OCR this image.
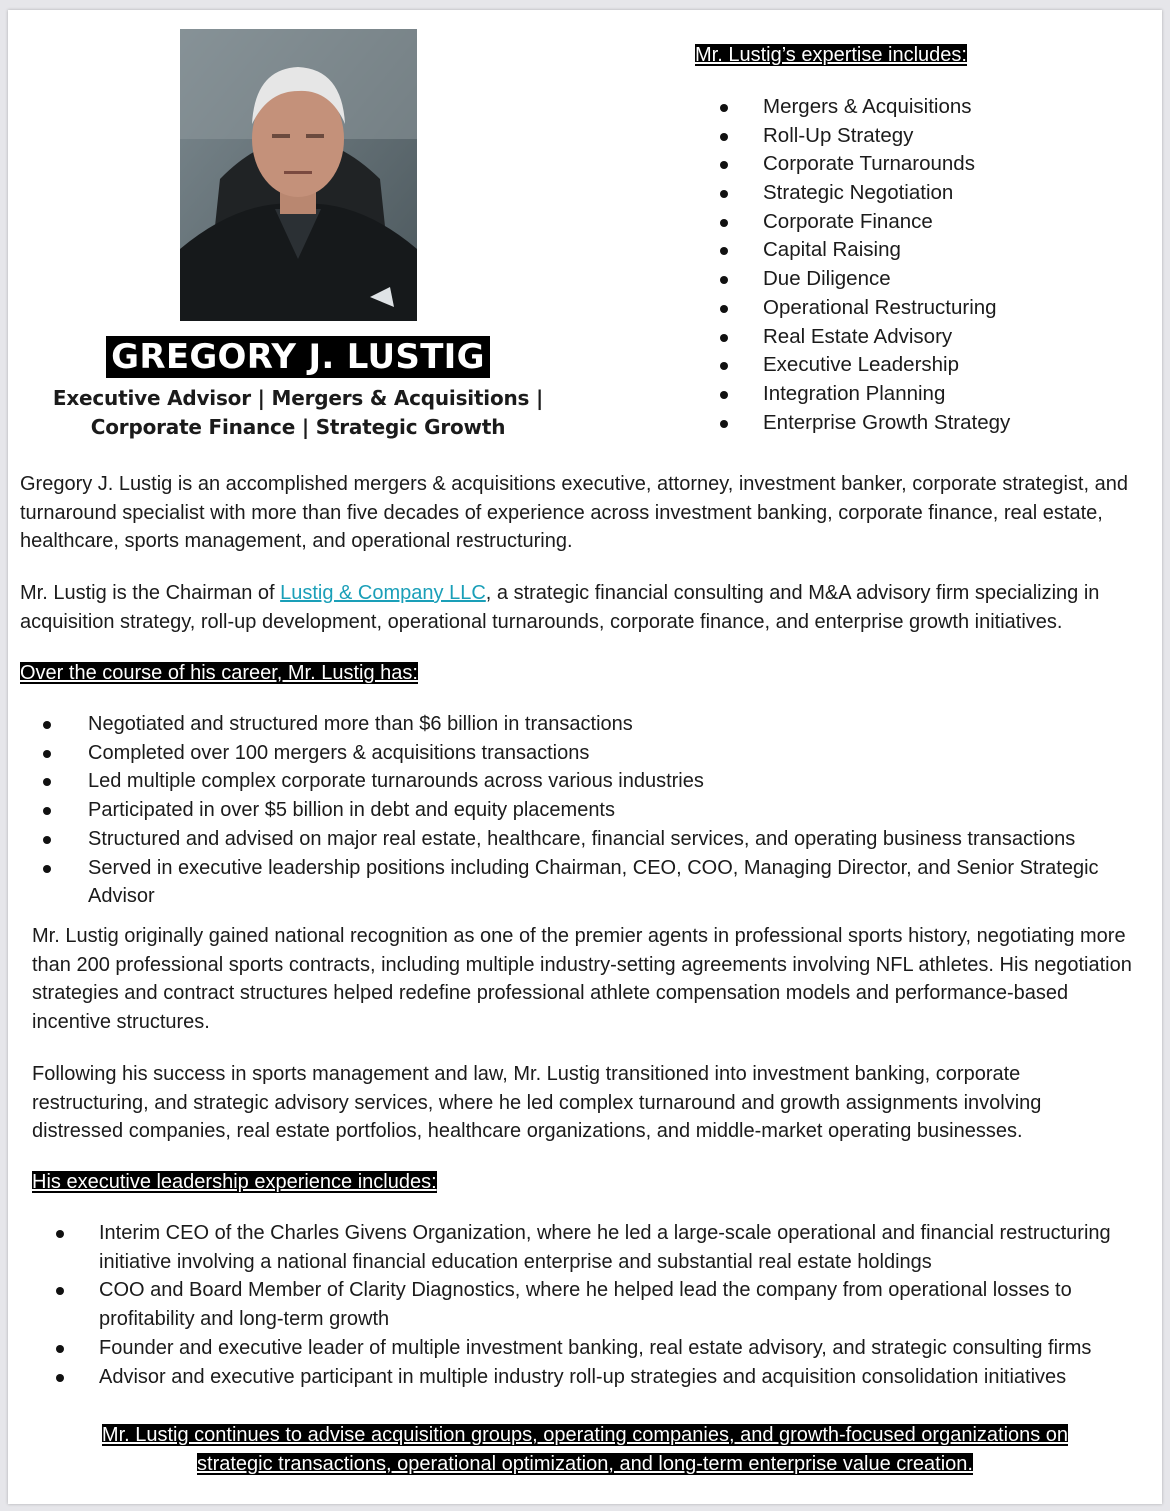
GREGORY J. LUSTIG
Executive Advisor | Mergers & Acquisitions |
Corporate Finance | Strategic Growth
Mr. Lustig’s expertise includes:
Mergers & Acquisitions
Roll-Up Strategy
Corporate Turnarounds
Strategic Negotiation
Corporate Finance
Capital Raising
Due Diligence
Operational Restructuring
Real Estate Advisory
Executive Leadership
Integration Planning
Enterprise Growth Strategy

Gregory J. Lustig is an accomplished mergers & acquisitions executive, attorney, investment banker, corporate strategist, and turnaround specialist with more than five decades of experience across investment banking, corporate finance, real estate, healthcare, sports management, and operational restructuring.

Mr. Lustig is the Chairman of Lustig & Company LLC, a strategic financial consulting and M&A advisory firm specializing in acquisition strategy, roll-up development, operational turnarounds, corporate finance, and enterprise growth initiatives.

Over the course of his career, Mr. Lustig has:
Negotiated and structured more than $6 billion in transactions
Completed over 100 mergers & acquisitions transactions
Led multiple complex corporate turnarounds across various industries
Participated in over $5 billion in debt and equity placements
Structured and advised on major real estate, healthcare, financial services, and operating business transactions
Served in executive leadership positions including Chairman, CEO, COO, Managing Director, and Senior Strategic Advisor

Mr. Lustig originally gained national recognition as one of the premier agents in professional sports history, negotiating more than 200 professional sports contracts, including multiple industry-setting agreements involving NFL athletes. His negotiation strategies and contract structures helped redefine professional athlete compensation models and performance-based incentive structures.

Following his success in sports management and law, Mr. Lustig transitioned into investment banking, corporate restructuring, and strategic advisory services, where he led complex turnaround and growth assignments involving distressed companies, real estate portfolios, healthcare organizations, and middle-market operating businesses.

His executive leadership experience includes:
Interim CEO of the Charles Givens Organization, where he led a large-scale operational and financial restructuring initiative involving a national financial education enterprise and substantial real estate holdings
COO and Board Member of Clarity Diagnostics, where he helped lead the company from operational losses to profitability and long-term growth
Founder and executive leader of multiple investment banking, real estate advisory, and strategic consulting firms
Advisor and executive participant in multiple industry roll-up strategies and acquisition consolidation initiatives
Mr. Lustig continues to advise acquisition groups, operating companies, and growth-focused organizations on
strategic transactions, operational optimization, and long-term enterprise value creation.
